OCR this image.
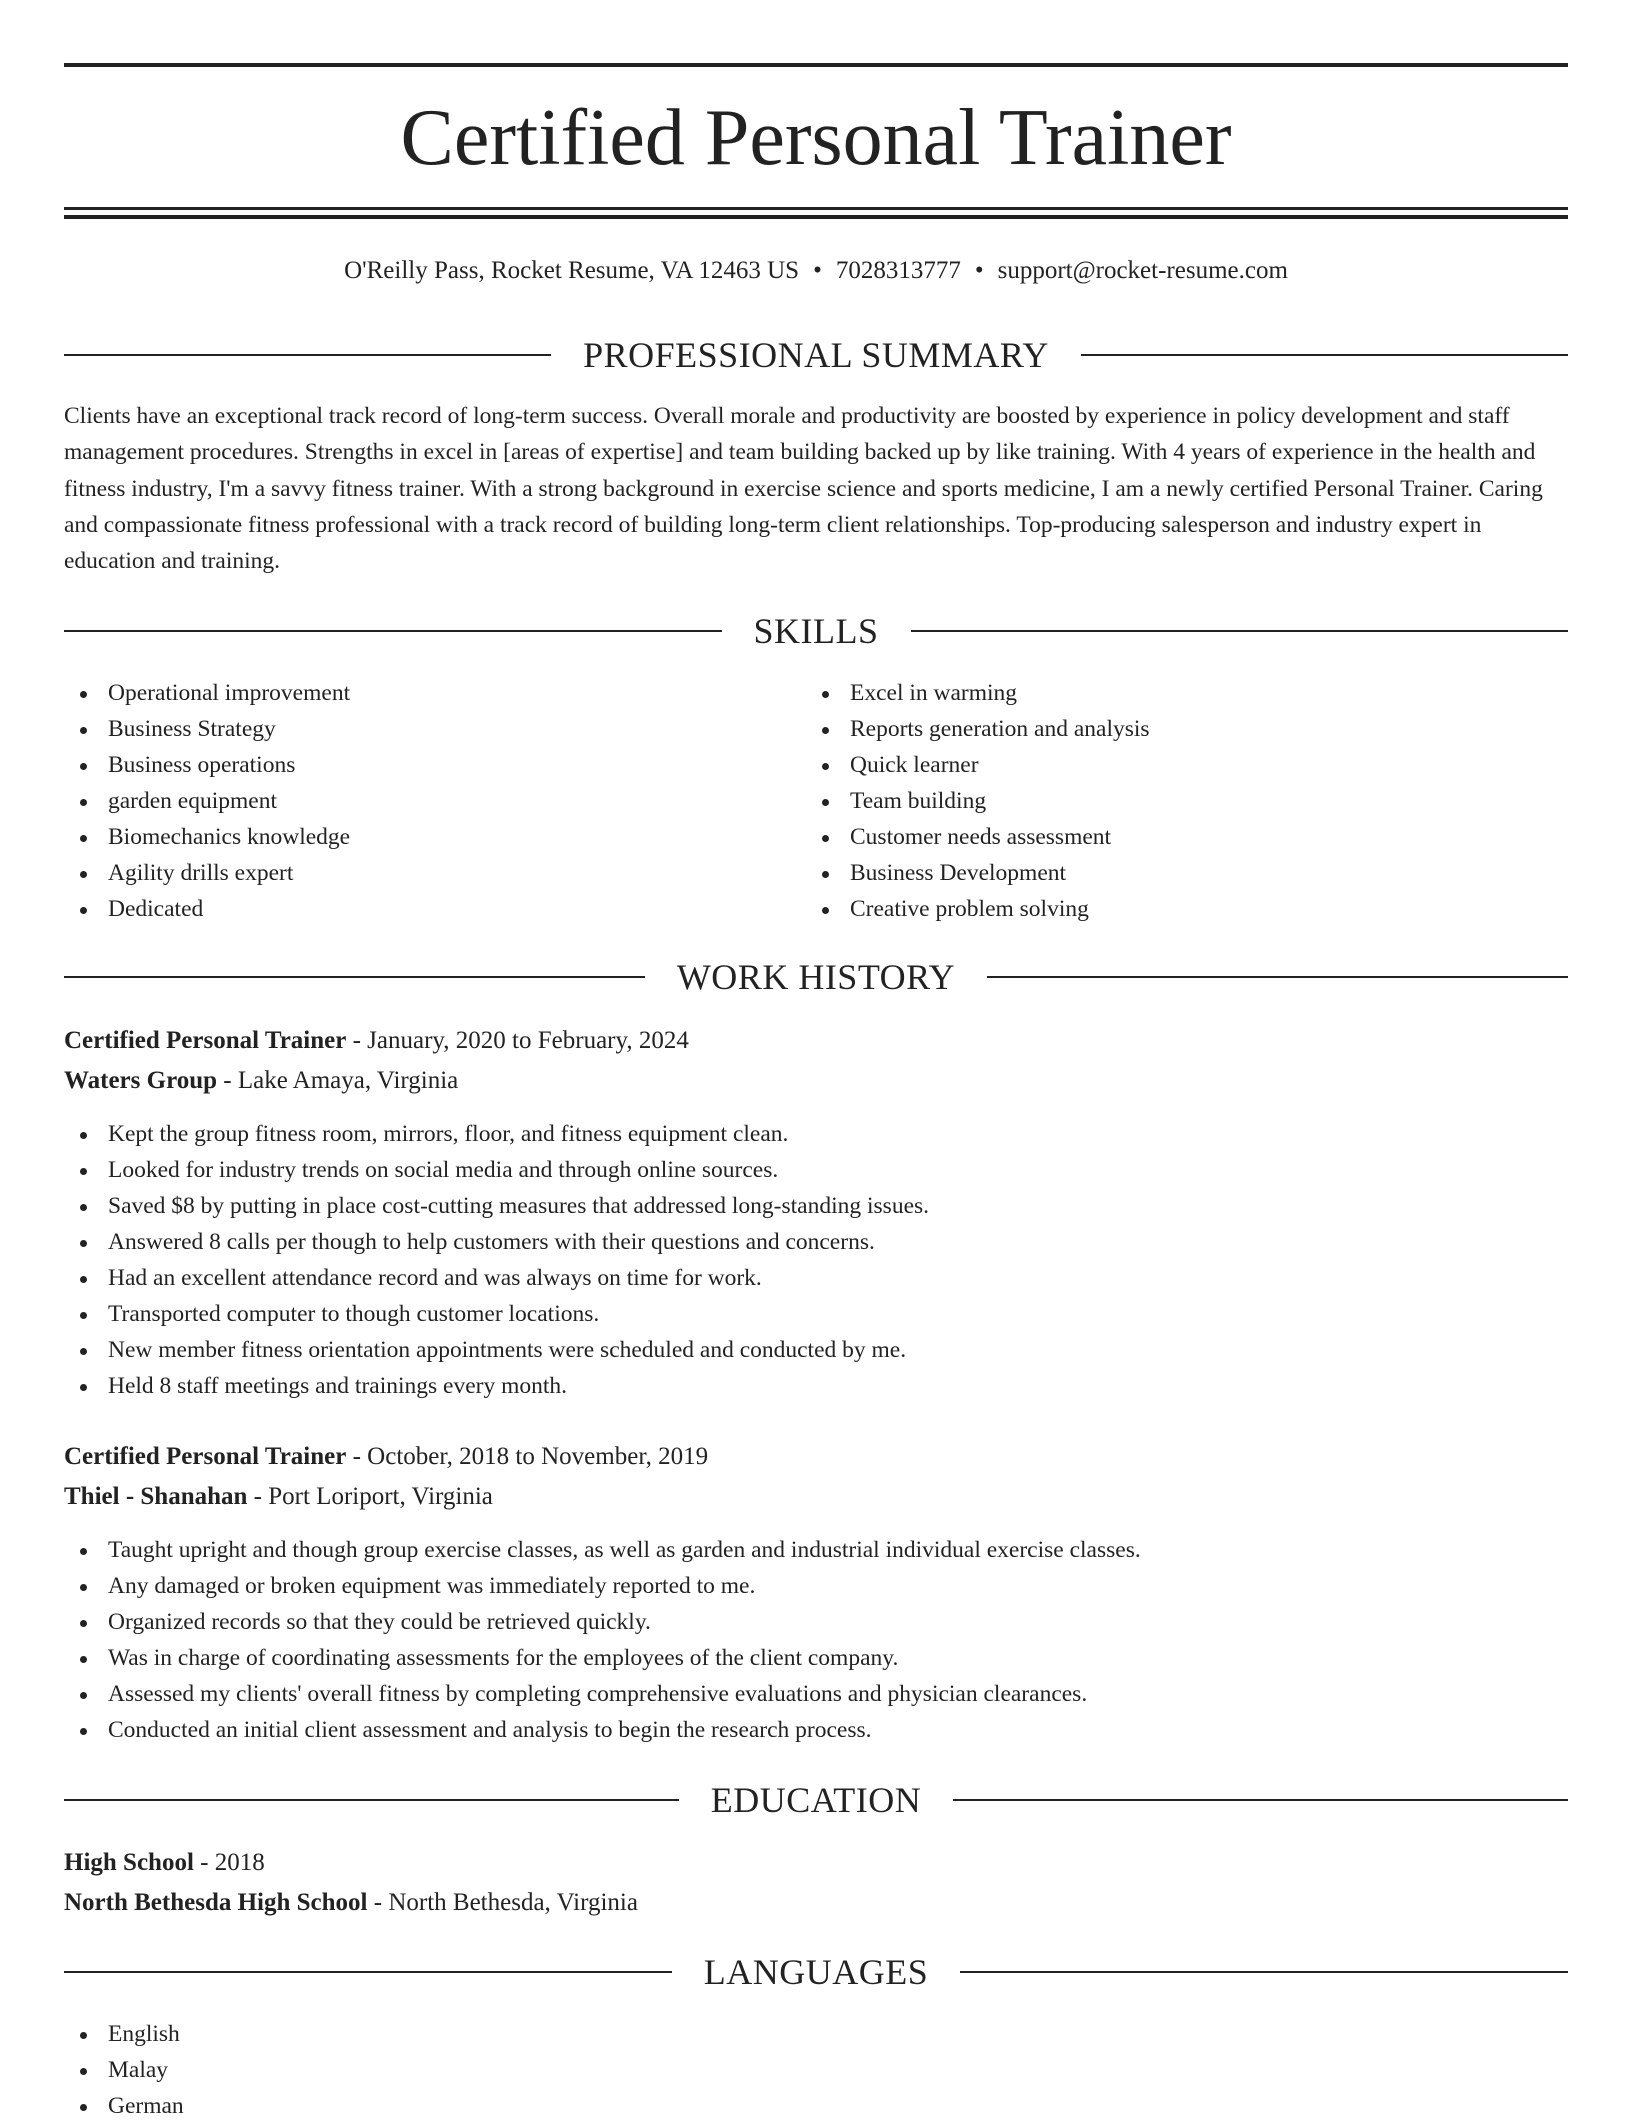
Certified Personal Trainer
O'Reilly Pass, Rocket Resume, VA 12463 US • 7028313777 • support@rocket-resume.com
PROFESSIONAL SUMMARY

Clients have an exceptional track record of long-term success. Overall morale and productivity are boosted by experience in policy development and staff management procedures. Strengths in excel in [areas of expertise] and team building backed up by like training. With 4 years of experience in the health and fitness industry, I'm a savvy fitness trainer. With a strong background in exercise science and sports medicine, I am a newly certified Personal Trainer. Caring and compassionate fitness professional with a track record of building long-term client relationships. Top-producing salesperson and industry expert in education and training.

SKILLS
Operational improvement
Business Strategy
Business operations
garden equipment
Biomechanics knowledge
Agility drills expert
Dedicated
Excel in warming
Reports generation and analysis
Quick learner
Team building
Customer needs assessment
Business Development
Creative problem solving
WORK HISTORY
Certified Personal Trainer - January, 2020 to February, 2024
Waters Group - Lake Amaya, Virginia
Kept the group fitness room, mirrors, floor, and fitness equipment clean.
Looked for industry trends on social media and through online sources.
Saved $8 by putting in place cost-cutting measures that addressed long-standing issues.
Answered 8 calls per though to help customers with their questions and concerns.
Had an excellent attendance record and was always on time for work.
Transported computer to though customer locations.
New member fitness orientation appointments were scheduled and conducted by me.
Held 8 staff meetings and trainings every month.
Certified Personal Trainer - October, 2018 to November, 2019
Thiel - Shanahan - Port Loriport, Virginia
Taught upright and though group exercise classes, as well as garden and industrial individual exercise classes.
Any damaged or broken equipment was immediately reported to me.
Organized records so that they could be retrieved quickly.
Was in charge of coordinating assessments for the employees of the client company.
Assessed my clients' overall fitness by completing comprehensive evaluations and physician clearances.
Conducted an initial client assessment and analysis to begin the research process.
EDUCATION
High School - 2018
North Bethesda High School - North Bethesda, Virginia
LANGUAGES
English
Malay
German
